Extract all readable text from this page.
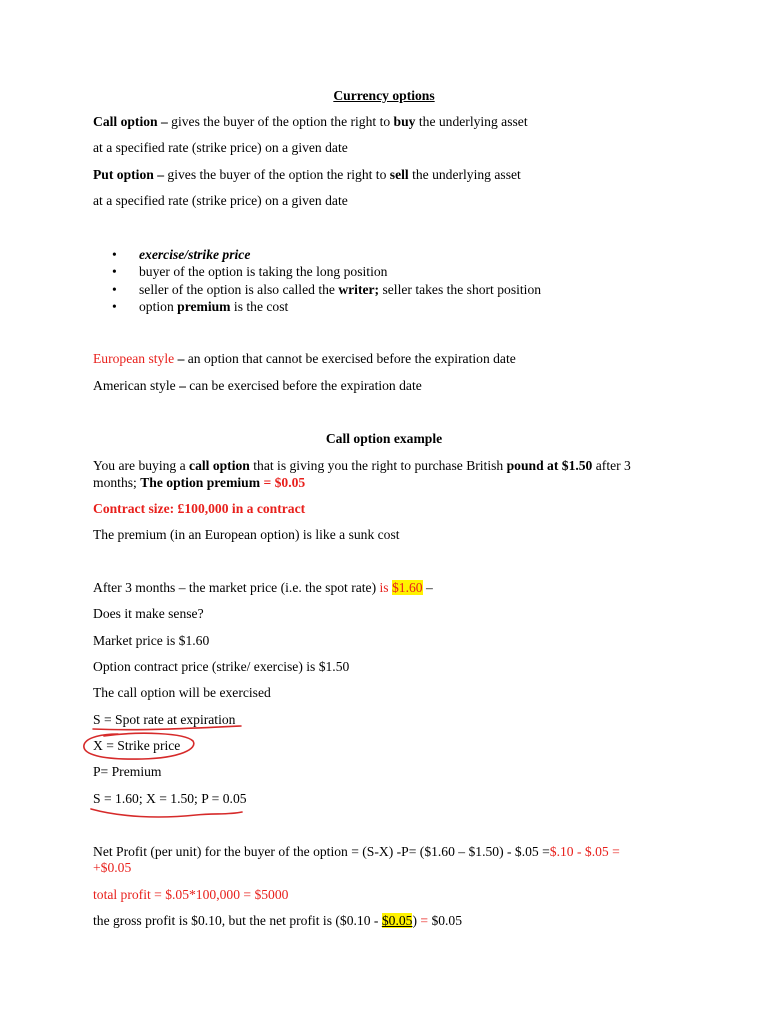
Currency options
Call option – gives the buyer of the option the right to buy the underlying asset
at a specified rate (strike price) on a given date
Put option – gives the buyer of the option the right to sell the underlying asset
at a specified rate (strike price) on a given date
• exercise/strike price
• buyer of the option is taking the long position
• seller of the option is also called the writer; seller takes the short position
• option premium is the cost
European style – an option that cannot be exercised before the expiration date
American style – can be exercised before the expiration date
Call option example
You are buying a call option that is giving you the right to purchase British pound at $1.50 after 3
months; The option premium = $0.05
Contract size: £100,000 in a contract
The premium (in an European option) is like a sunk cost
After 3 months – the market price (i.e. the spot rate) is $1.60 –
Does it make sense?
Market price is $1.60
Option contract price (strike/ exercise) is $1.50
The call option will be exercised
S = Spot rate at expiration
X = Strike price
P= Premium
S = 1.60; X = 1.50; P = 0.05
Net Profit (per unit) for the buyer of the option = (S-X) -P= ($1.60 – $1.50) - $.05 =$.10 - $.05 =
+$0.05
total profit = $.05*100,000 = $5000
the gross profit is $0.10, but the net profit is ($0.10 - $0.05) = $0.05
